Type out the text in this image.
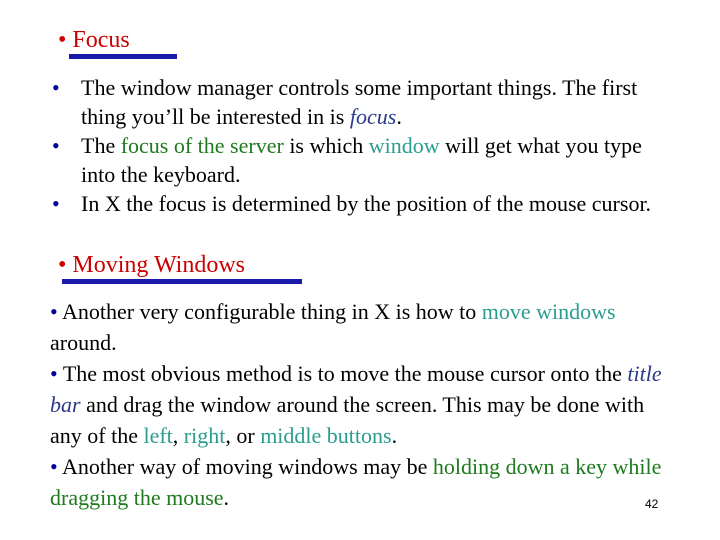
• Focus
• The window manager controls some important things. The first thing you’ll be interested in is focus.
• The focus of the server is which window will get what you type into the keyboard.
• In X the focus is determined by the position of the mouse cursor.
• Moving Windows

• Another very configurable thing in X is how to move windows around.

• The most obvious method is to move the mouse cursor onto the title bar and drag the window around the screen. This may be done with any of the left, right, or middle buttons.

• Another way of moving windows may be holding down a key while dragging the mouse.	42
